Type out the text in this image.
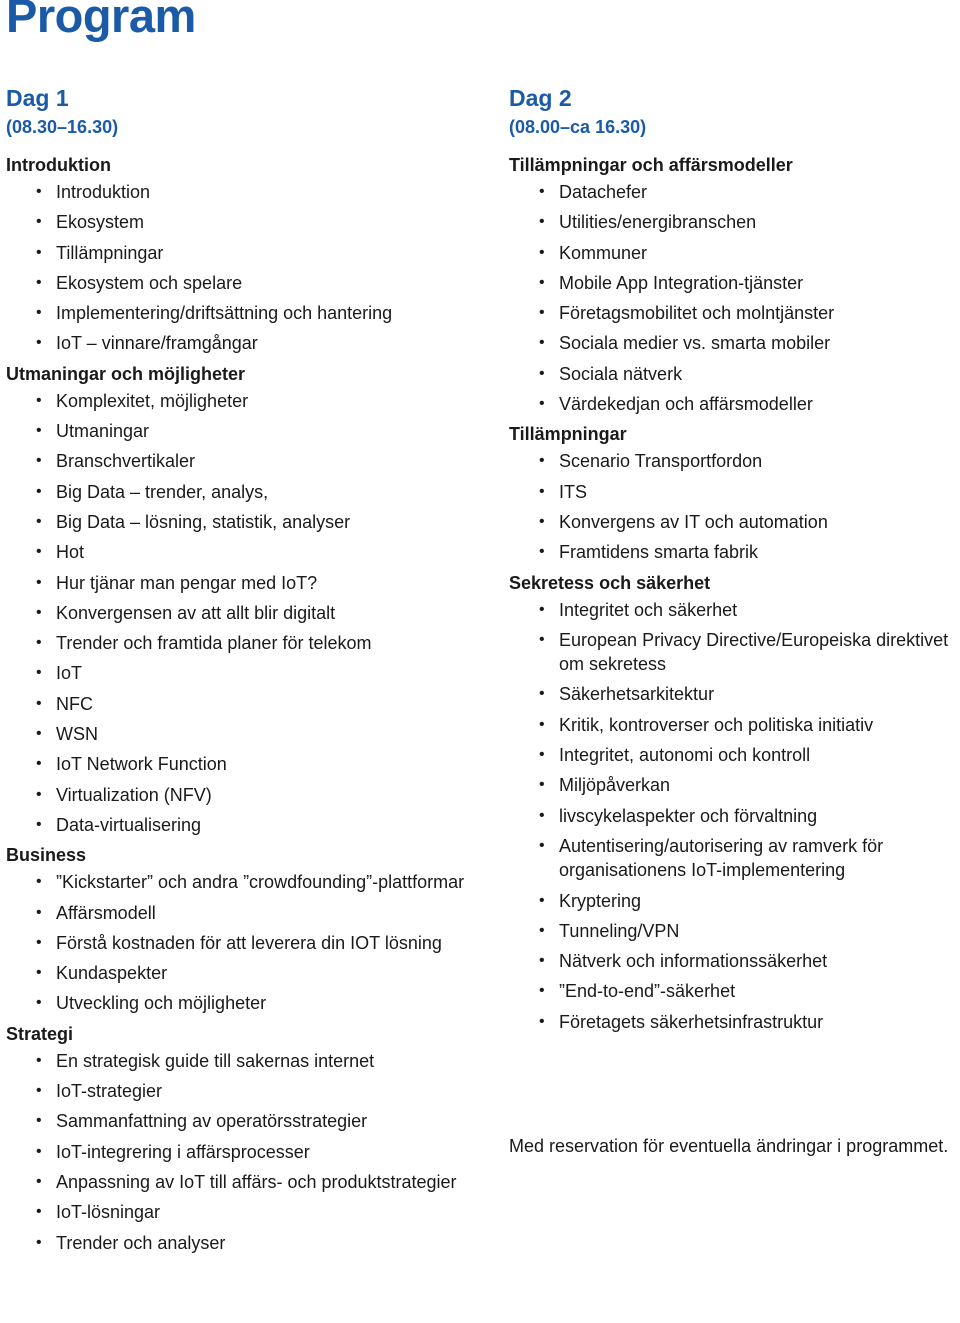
Program
Dag 1
(08.30–16.30)
Introduktion
• Introduktion
• Ekosystem
• Tillämpningar
• Ekosystem och spelare
• Implementering/driftsättning och hantering
• IoT – vinnare/framgångar
Utmaningar och möjligheter
• Komplexitet, möjligheter
• Utmaningar
• Branschvertikaler
• Big Data – trender, analys,
• Big Data – lösning, statistik, analyser
• Hot
• Hur tjänar man pengar med IoT?
• Konvergensen av att allt blir digitalt
• Trender och framtida planer för telekom
• IoT
• NFC
• WSN
• IoT Network Function
• Virtualization (NFV)
• Data-virtualisering
Business
• ”Kickstarter” och andra ”crowdfounding”-plattformar
• Affärsmodell
• Förstå kostnaden för att leverera din IOT lösning
• Kundaspekter
• Utveckling och möjligheter
Strategi
• En strategisk guide till sakernas internet
• IoT-strategier
• Sammanfattning av operatörsstrategier
• IoT-integrering i affärsprocesser
• Anpassning av IoT till affärs- och produktstrategier
• IoT-lösningar
• Trender och analyser
Dag 2
(08.00–ca 16.30)
Tillämpningar och affärsmodeller
• Datachefer
• Utilities/energibranschen
• Kommuner
• Mobile App Integration-tjänster
• Företagsmobilitet och molntjänster
• Sociala medier vs. smarta mobiler
• Sociala nätverk
• Värdekedjan och affärsmodeller
Tillämpningar
• Scenario Transportfordon
• ITS
• Konvergens av IT och automation
• Framtidens smarta fabrik
Sekretess och säkerhet
• Integritet och säkerhet
• European Privacy Directive/Europeiska direktivet om sekretess
• Säkerhetsarkitektur
• Kritik, kontroverser och politiska initiativ
• Integritet, autonomi och kontroll
• Miljöpåverkan
• livscykelaspekter och förvaltning
• Autentisering/autorisering av ramverk för organisationens IoT-implementering
• Kryptering
• Tunneling/VPN
• Nätverk och informationssäkerhet
• ”End-to-end”-säkerhet
• Företagets säkerhetsinfrastruktur
Med reservation för eventuella ändringar i programmet.
